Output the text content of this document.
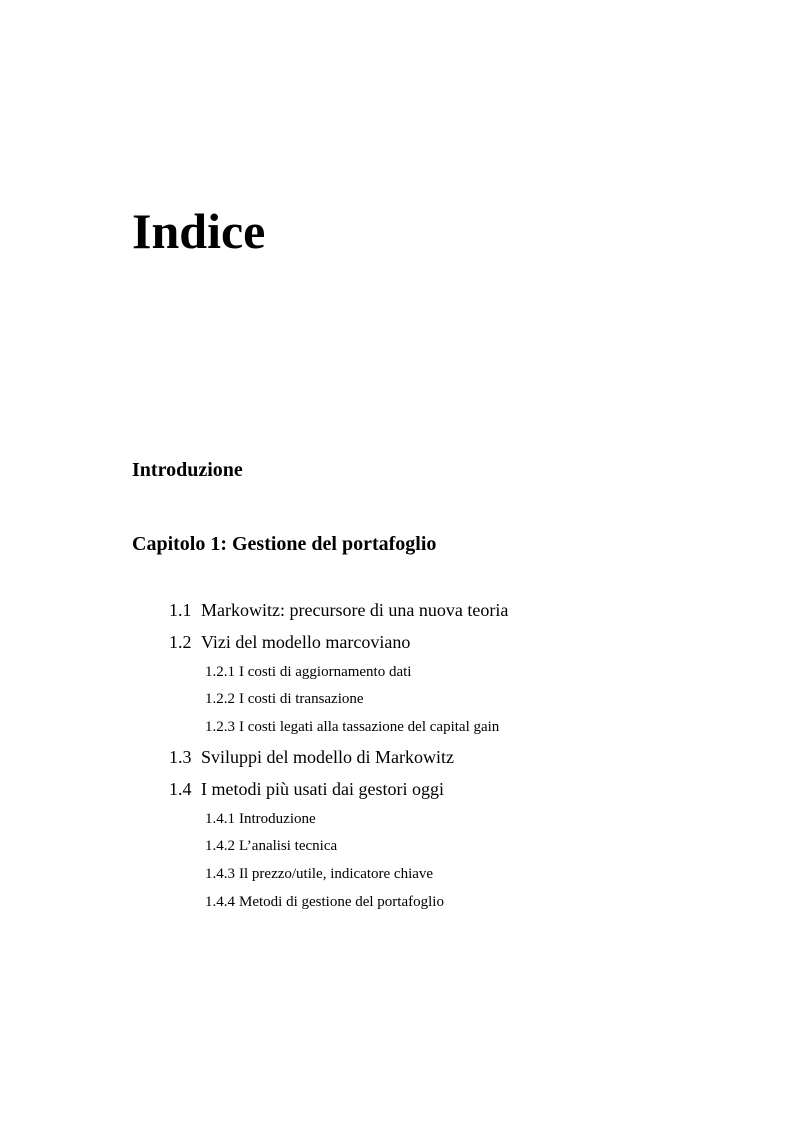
Indice
Introduzione
Capitolo 1: Gestione del portafoglio
1.1 Markowitz: precursore di una nuova teoria
1.2 Vizi del modello marcoviano
1.2.1 I costi di aggiornamento dati
1.2.2 I costi di transazione
1.2.3 I costi legati alla tassazione del capital gain
1.3 Sviluppi del modello di Markowitz
1.4 I metodi più usati dai gestori oggi
1.4.1 Introduzione
1.4.2 L’analisi tecnica
1.4.3 Il prezzo/utile, indicatore chiave
1.4.4 Metodi di gestione del portafoglio
